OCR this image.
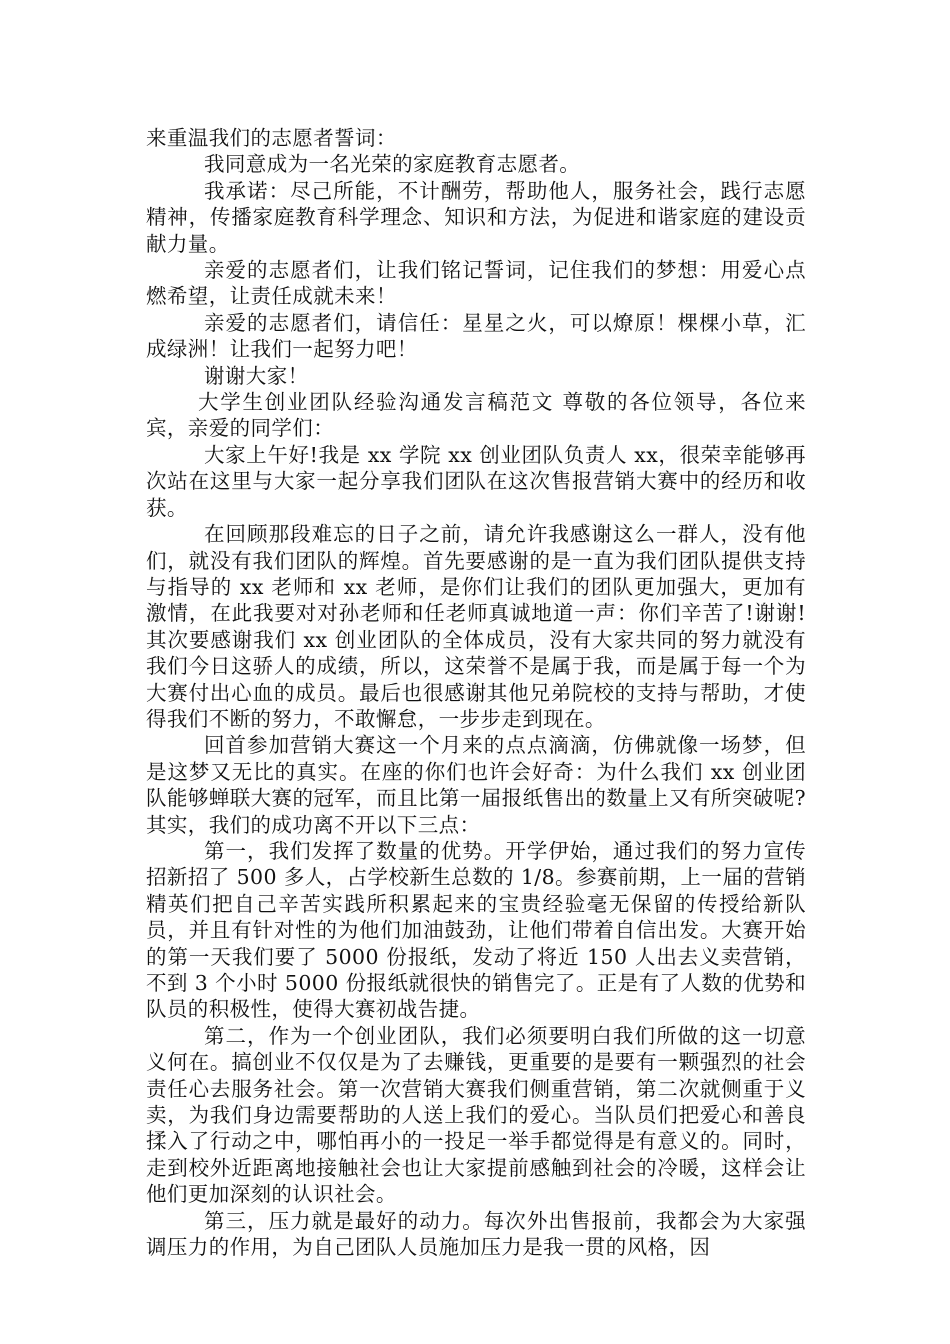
来重温我们的志愿者誓词：

我同意成为一名光荣的家庭教育志愿者。

我承诺：尽己所能，不计酬劳，帮助他人，服务社会，践行志愿精神，传播家庭教育科学理念、知识和方法，为促进和谐家庭的建设贡献力量。

亲爱的志愿者们，让我们铭记誓词，记住我们的梦想：用爱心点燃希望，让责任成就未来！

亲爱的志愿者们，请信任：星星之火，可以燎原！棵棵小草，汇成绿洲！让我们一起努力吧！

谢谢大家！

大学生创业团队经验沟通发言稿范文 尊敬的各位领导，各位来宾，亲爱的同学们：

大家上午好!我是 xx 学院 xx 创业团队负责人 xx，很荣幸能够再次站在这里与大家一起分享我们团队在这次售报营销大赛中的经历和收获。

在回顾那段难忘的日子之前，请允许我感谢这么一群人，没有他们，就没有我们团队的辉煌。首先要感谢的是一直为我们团队提供支持与指导的 xx 老师和 xx 老师，是你们让我们的团队更加强大，更加有激情，在此我要对对孙老师和任老师真诚地道一声：你们辛苦了!谢谢!其次要感谢我们 xx 创业团队的全体成员，没有大家共同的努力就没有我们今日这骄人的成绩，所以，这荣誉不是属于我，而是属于每一个为大赛付出心血的成员。最后也很感谢其他兄弟院校的支持与帮助，才使得我们不断的努力，不敢懈怠，一步步走到现在。

回首参加营销大赛这一个月来的点点滴滴，仿佛就像一场梦，但是这梦又无比的真实。在座的你们也许会好奇：为什么我们 xx 创业团队能够蝉联大赛的冠军，而且比第一届报纸售出的数量上又有所突破呢?其实，我们的成功离不开以下三点：

第一，我们发挥了数量的优势。开学伊始，通过我们的努力宣传招新招了 500 多人，占学校新生总数的 1/8。参赛前期，上一届的营销精英们把自己辛苦实践所积累起来的宝贵经验毫无保留的传授给新队员，并且有针对性的为他们加油鼓劲，让他们带着自信出发。大赛开始的第一天我们要了 5000 份报纸，发动了将近 150 人出去义卖营销，不到 3 个小时 5000 份报纸就很快的销售完了。正是有了人数的优势和队员的积极性，使得大赛初战告捷。

第二，作为一个创业团队，我们必须要明白我们所做的这一切意义何在。搞创业不仅仅是为了去赚钱，更重要的是要有一颗强烈的社会责任心去服务社会。第一次营销大赛我们侧重营销，第二次就侧重于义卖，为我们身边需要帮助的人送上我们的爱心。当队员们把爱心和善良揉入了行动之中，哪怕再小的一投足一举手都觉得是有意义的。同时，走到校外近距离地接触社会也让大家提前感触到社会的冷暖，这样会让他们更加深刻的认识社会。

第三，压力就是最好的动力。每次外出售报前，我都会为大家强调压力的作用，为自己团队人员施加压力是我一贯的风格，因
